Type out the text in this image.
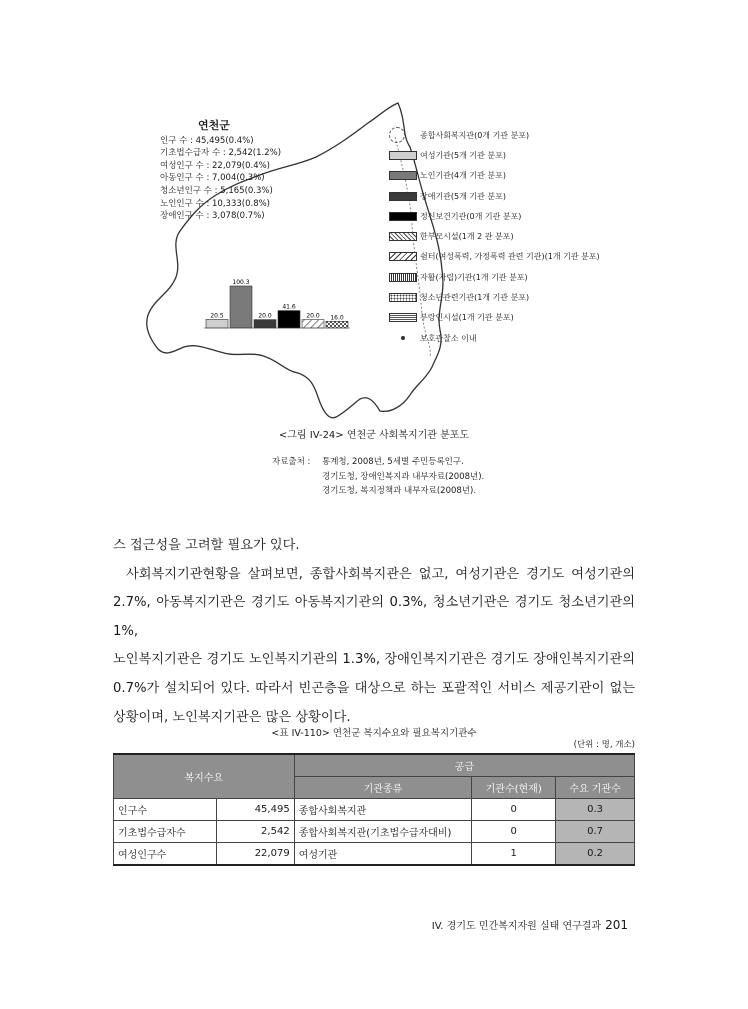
20.5
100.3
20.0
41.6
20.0 16.0
연천군
인구 수 : 45,495(0.4%)
기초법수급자 수 : 2,542(1.2%)
여성인구 수 : 22,079(0.4%)
아동인구 수 : 7,004(0.3%)
청소년인구 수 : 5,165(0.3%)
노인인구 수 : 10,333(0.8%)
장애인구 수 : 3,078(0.7%)
종합사회복지관(0개 기관 분포)
여성기관(5개 기관 분포)
노인기관(4개 기관 분포)
장애기관(5개 기관 분포)
정신보건기관(0개 기관 분포)
한부모시설(1개 2 관 분포)
쉼터(여성폭력, 가정폭력 관련 기관)(1개 기관 분포)
자활(자립)기관(1개 기관 분포)
청소년관련기관(1개 기관 분포)
부랑인시설(1개 기관 분포)
보호관찰소 이내
<그림 IV-24> 연천군 사회복지기관 분포도
자료출처 : 통계청, 2008년, 5세별 주민등록인구.
경기도청, 장애인복지과 내부자료(2008년).
경기도청, 복지정책과 내부자료(2008년).

스 접근성을 고려할 필요가 있다.

사회복지기관현황을 살펴보면, 종합사회복지관은 없고, 여성기관은 경기도 여성기관의

2.7%, 아동복지기관은 경기도 아동복지기관의 0.3%, 청소년기관은 경기도 청소년기관의 1%,

노인복지기관은 경기도 노인복지기관의 1.3%, 장애인복지기관은 경기도 장애인복지기관의

0.7%가 설치되어 있다. 따라서 빈곤층을 대상으로 하는 포괄적인 서비스 제공기관이 없는

상황이며, 노인복지기관은 많은 상황이다.

<표 IV-110> 연천군 복지수요와 필요복지기관수
(단위 : 명, 개소)
복지수요		공급		
		기관종류	기관수(현재)	수요 기관수
인구수	45,495	종합사회복지관	0	0.3
기초법수급자수	2,542	종합사회복지관(기초법수급자대비)	0	0.7
여성인구수	22,079	여성기관	1	0.2
IV. 경기도 민간복지자원 실태 연구결과 201
